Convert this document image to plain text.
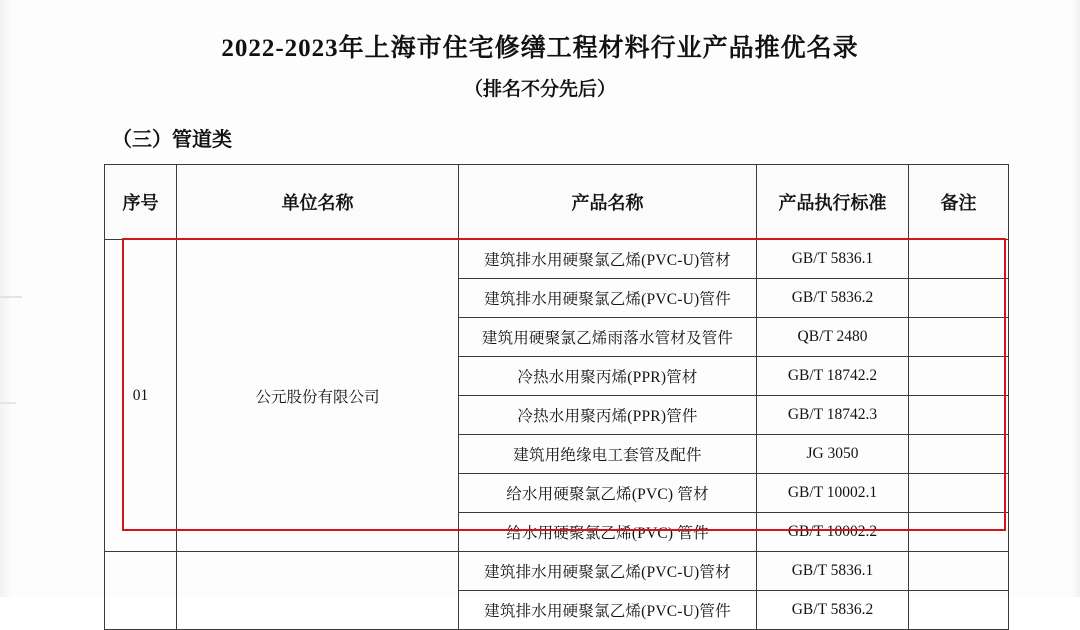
2022-2023年上海市住宅修缮工程材料行业产品推优名录
（排名不分先后）
（三）管道类
序号	单位名称	产品名称	产品执行标准	备注
01	公元股份有限公司	建筑排水用硬聚氯乙烯(PVC-U)管材	GB/T 5836.1	
		建筑排水用硬聚氯乙烯(PVC-U)管件	GB/T 5836.2	
		建筑用硬聚氯乙烯雨落水管材及管件	QB/T 2480	
		冷热水用聚丙烯(PPR)管材	GB/T 18742.2	
		冷热水用聚丙烯(PPR)管件	GB/T 18742.3	
		建筑用绝缘电工套管及配件	JG 3050	
		给水用硬聚氯乙烯(PVC) 管材	GB/T 10002.1	
		给水用硬聚氯乙烯(PVC) 管件	GB/T 10002.2	
		建筑排水用硬聚氯乙烯(PVC-U)管材	GB/T 5836.1	
		建筑排水用硬聚氯乙烯(PVC-U)管件	GB/T 5836.2	
